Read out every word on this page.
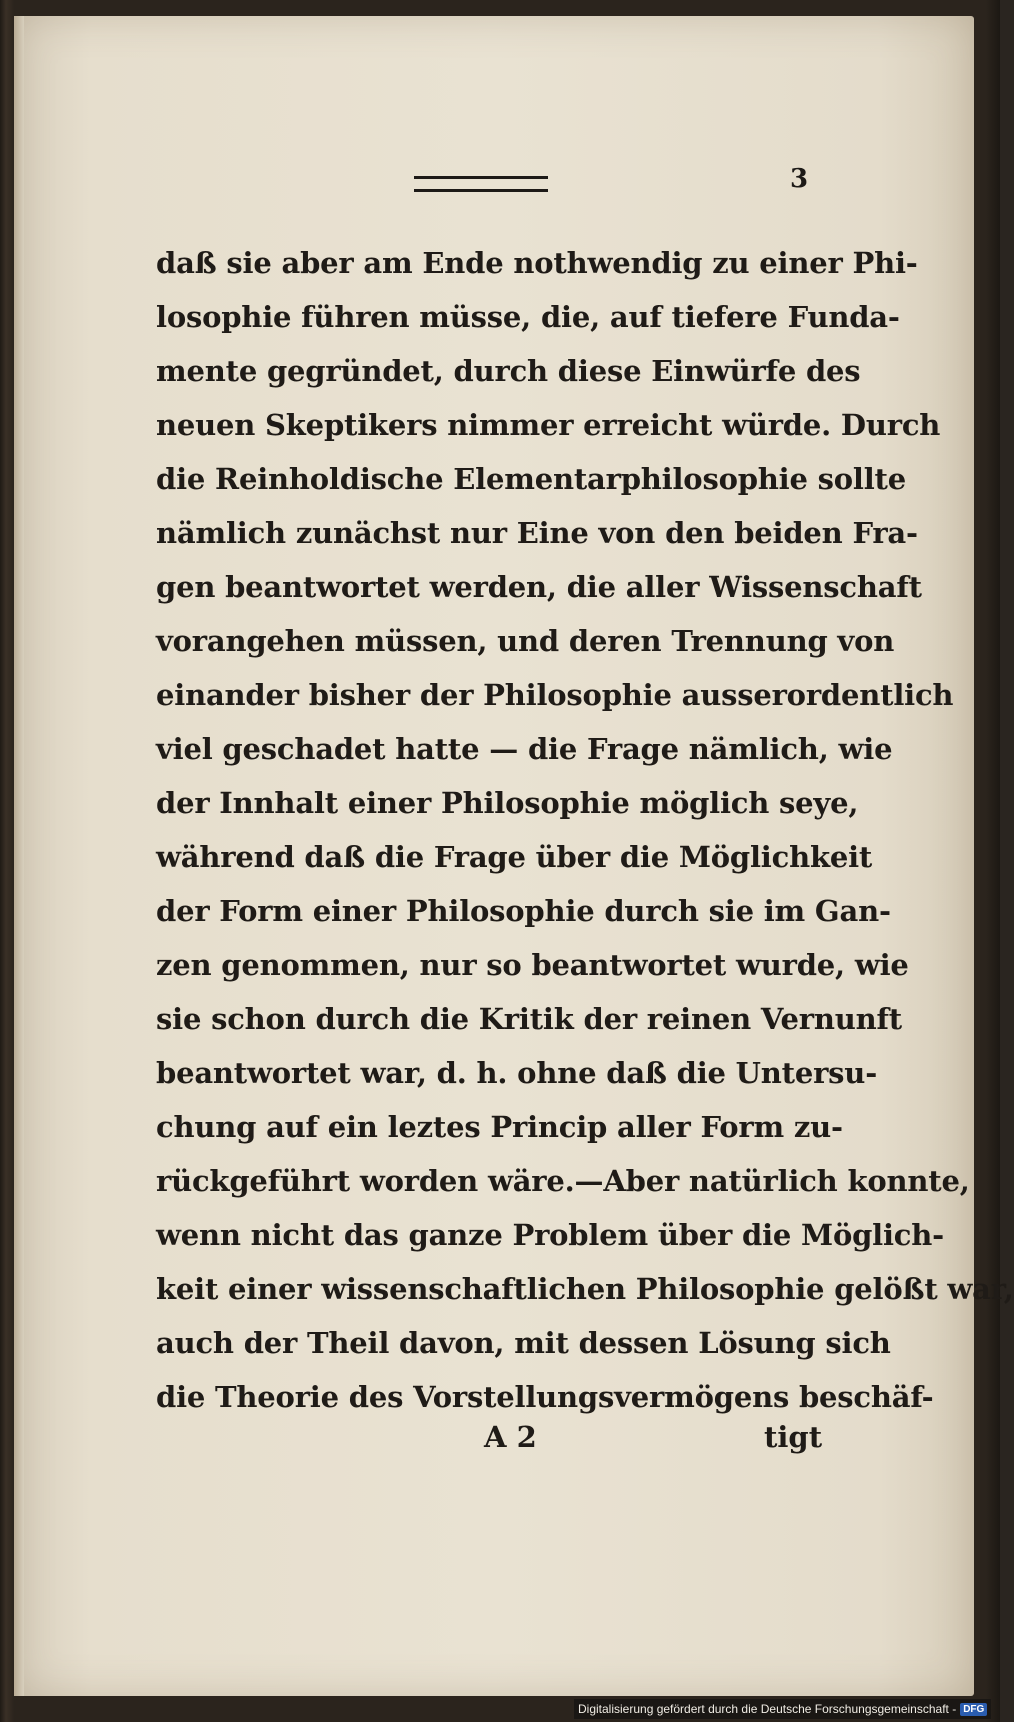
3
daß sie aber am Ende nothwendig zu einer Phi-
losophie führen müsse, die, auf tiefere Funda-
mente gegründet, durch diese Einwürfe des
neuen Skeptikers nimmer erreicht würde. Durch
die Reinholdische Elementarphilosophie sollte
nämlich zunächst nur Eine von den beiden Fra-
gen beantwortet werden, die aller Wissenschaft
vorangehen müssen, und deren Trennung von
einander bisher der Philosophie ausserordentlich
viel geschadet hatte — die Frage nämlich, wie
der Innhalt einer Philosophie möglich seye,
während daß die Frage über die Möglichkeit
der Form einer Philosophie durch sie im Gan-
zen genommen, nur so beantwortet wurde, wie
sie schon durch die Kritik der reinen Vernunft
beantwortet war, d. h. ohne daß die Untersu-
chung auf ein leztes Princip aller Form zu-
rückgeführt worden wäre.—Aber natürlich konnte,
wenn nicht das ganze Problem über die Möglich-
keit einer wissenschaftlichen Philosophie gelößt war,
auch der Theil davon, mit dessen Lösung sich
die Theorie des Vorstellungsvermögens beschäf-
A 2	tigt
Digitalisierung gefördert durch die Deutsche Forschungsgemeinschaft - DFG
